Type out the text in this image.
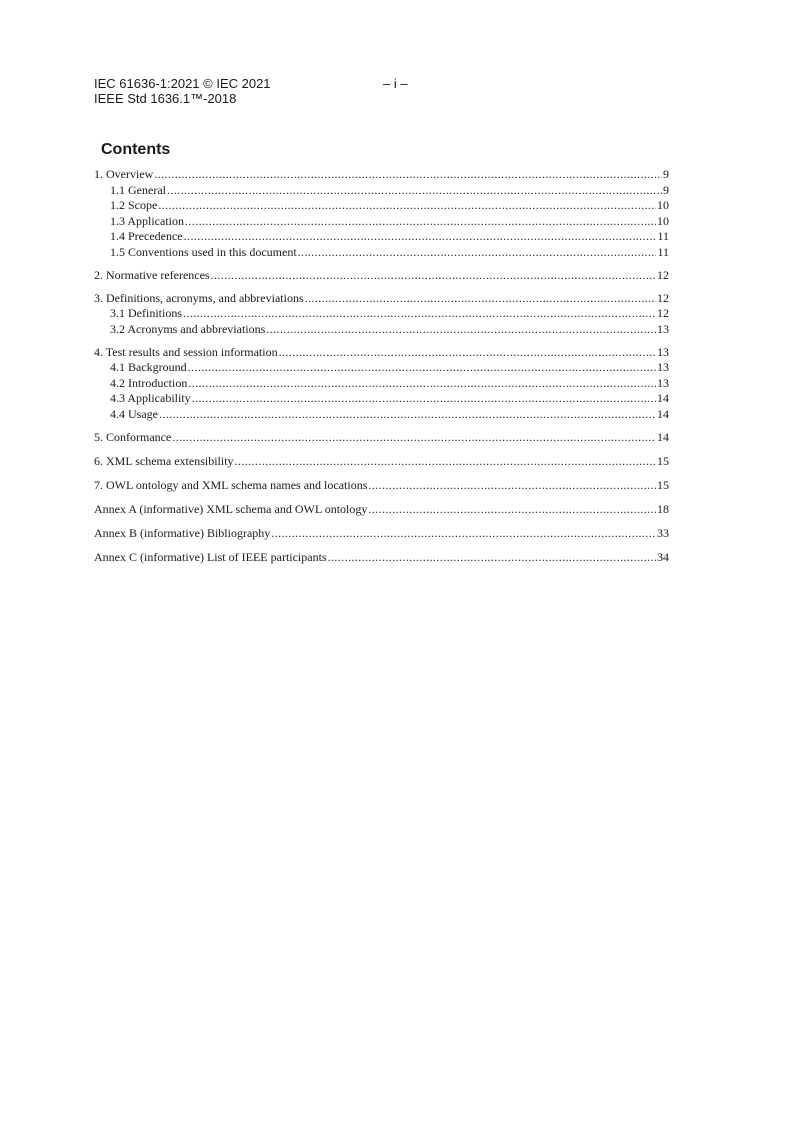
IEC 61636-1:2021 © IEC 2021
IEEE Std 1636.1™-2018
– i –
Contents
1. Overview .....	9
1.1 General .....	9
1.2 Scope .....	10
1.3 Application .....	10
1.4 Precedence .....	11
1.5 Conventions used in this document .....	11
2. Normative references .....	12
3. Definitions, acronyms, and abbreviations .....	12
3.1 Definitions .....	12
3.2 Acronyms and abbreviations .....	13
4. Test results and session information .....	13
4.1 Background .....	13
4.2 Introduction .....	13
4.3 Applicability .....	14
4.4 Usage .....	14
5. Conformance .....	14
6. XML schema extensibility .....	15
7. OWL ontology and XML schema names and locations .....	15
Annex A (informative) XML schema and OWL ontology .....	18
Annex B (informative) Bibliography .....	33
Annex C (informative) List of IEEE participants .....	34
